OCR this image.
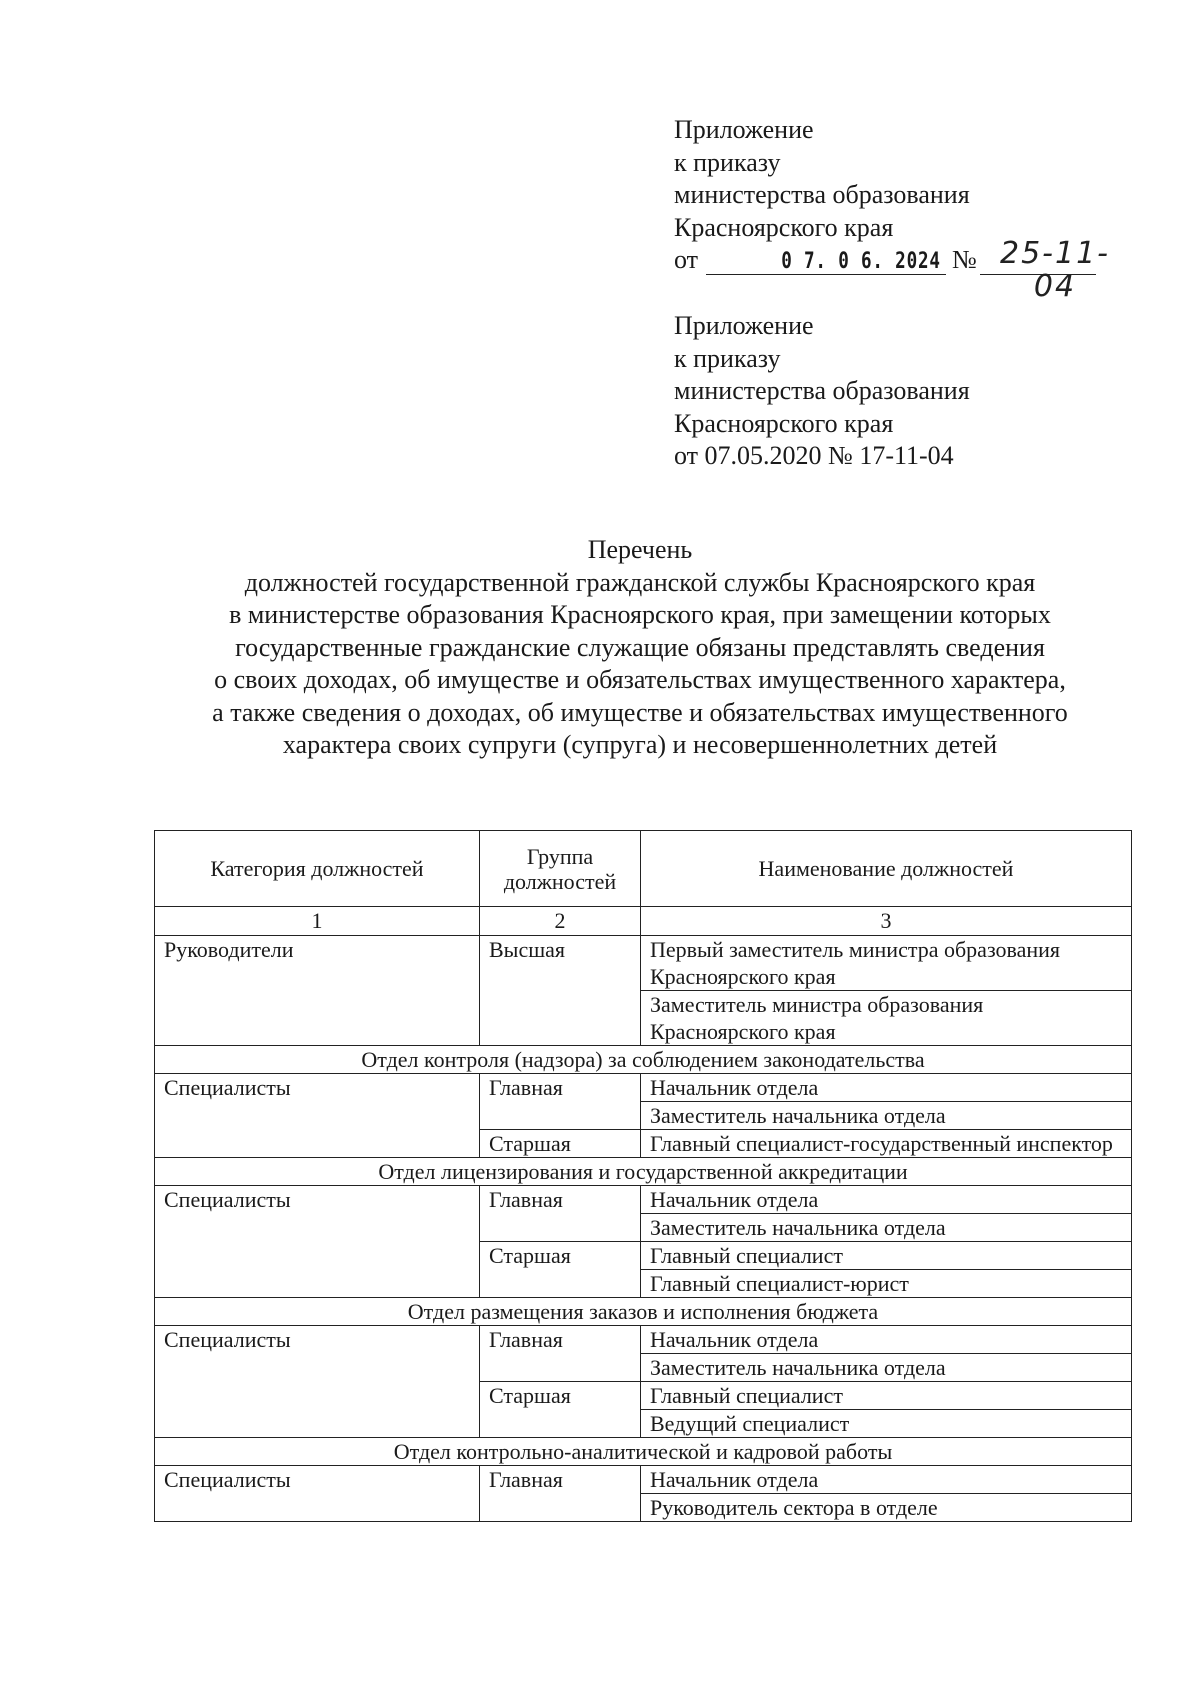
Приложение
к приказу
министерства образования
Красноярского края
от	0 7. 0 6. 2024 № 25-11-04
Приложение
к приказу
министерства образования
Красноярского края
от 07.05.2020 № 17-11-04
Перечень
должностей государственной гражданской службы Красноярского края
в министерстве образования Красноярского края, при замещении которых
государственные гражданские служащие обязаны представлять сведения
о своих доходах, об имуществе и обязательствах имущественного характера,
а также сведения о доходах, об имуществе и обязательствах имущественного
характера своих супруги (супруга) и несовершеннолетних детей
Категория должностей	Группа должностей	Наименование должностей
1	2	3
Руководители	Высшая	Первый заместитель министра образования Красноярского края
		Заместитель министра образования Красноярского края
Отдел контроля (надзора) за соблюдением законодательства		
Специалисты	Главная	Начальник отдела
		Заместитель начальника отдела
	Старшая	Главный специалист-государственный инспектор
Отдел лицензирования и государственной аккредитации		
Специалисты	Главная	Начальник отдела
		Заместитель начальника отдела
	Старшая	Главный специалист
		Главный специалист-юрист
Отдел размещения заказов и исполнения бюджета		
Специалисты	Главная	Начальник отдела
		Заместитель начальника отдела
	Старшая	Главный специалист
		Ведущий специалист
Отдел контрольно-аналитической и кадровой работы		
Специалисты	Главная	Начальник отдела
		Руководитель сектора в отделе
